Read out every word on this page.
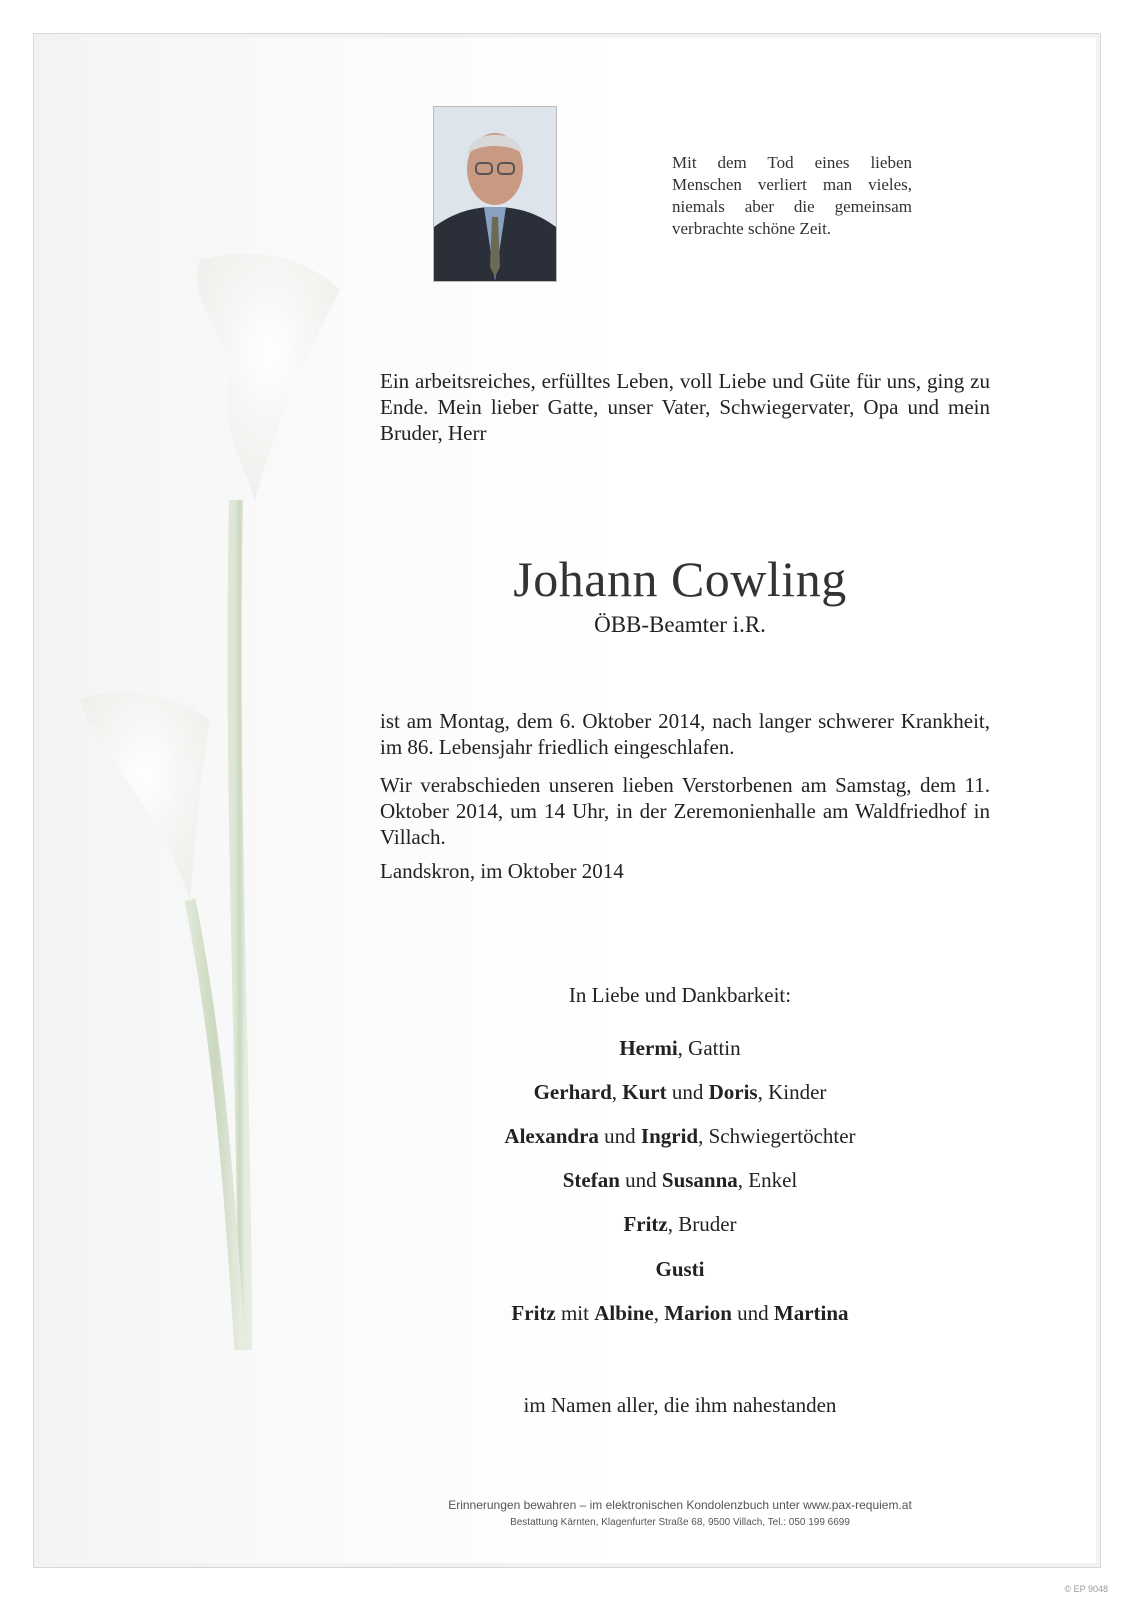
Mit dem Tod eines lieben Menschen verliert man vieles, niemals aber die gemeinsam verbrachte schöne Zeit.
Ein arbeitsreiches, erfülltes Leben, voll Liebe und Güte für uns, ging zu Ende. Mein lieber Gatte, unser Vater, Schwiegervater, Opa und mein Bruder, Herr
Johann Cowling
ÖBB-Beamter i.R.
ist am Montag, dem 6. Oktober 2014, nach langer schwerer Krankheit, im 86. Lebensjahr friedlich eingeschlafen.
Wir verabschieden unseren lieben Verstorbenen am Samstag, dem 11. Oktober 2014, um 14 Uhr, in der Zeremonienhalle am Waldfriedhof in Villach.
Landskron, im Oktober 2014
In Liebe und Dankbarkeit:
Hermi, Gattin
Gerhard, Kurt und Doris, Kinder
Alexandra und Ingrid, Schwiegertöchter
Stefan und Susanna, Enkel
Fritz, Bruder
Gusti
Fritz mit Albine, Marion und Martina
im Namen aller, die ihm nahestanden
Erinnerungen bewahren – im elektronischen Kondolenzbuch unter www.pax-requiem.at
Bestattung Kärnten, Klagenfurter Straße 68, 9500 Villach, Tel.: 050 199 6699
© EP 9048
